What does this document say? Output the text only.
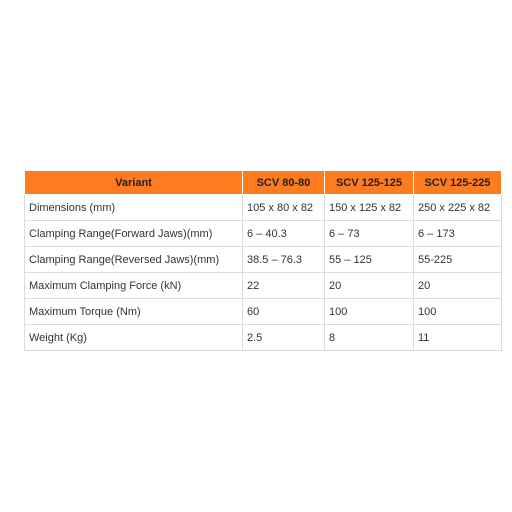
Variant	SCV 80-80	SCV 125-125	SCV 125-225
Dimensions (mm)	105 x 80 x 82	150 x 125 x 82	250 x 225 x 82
Clamping Range(Forward Jaws)(mm)	6 – 40.3	6 – 73	6 – 173
Clamping Range(Reversed Jaws)(mm)	38.5 – 76.3	55 – 125	55-225
Maximum Clamping Force (kN)	22	20	20
Maximum Torque (Nm)	60	100	100
Weight (Kg)	2.5	8	11
